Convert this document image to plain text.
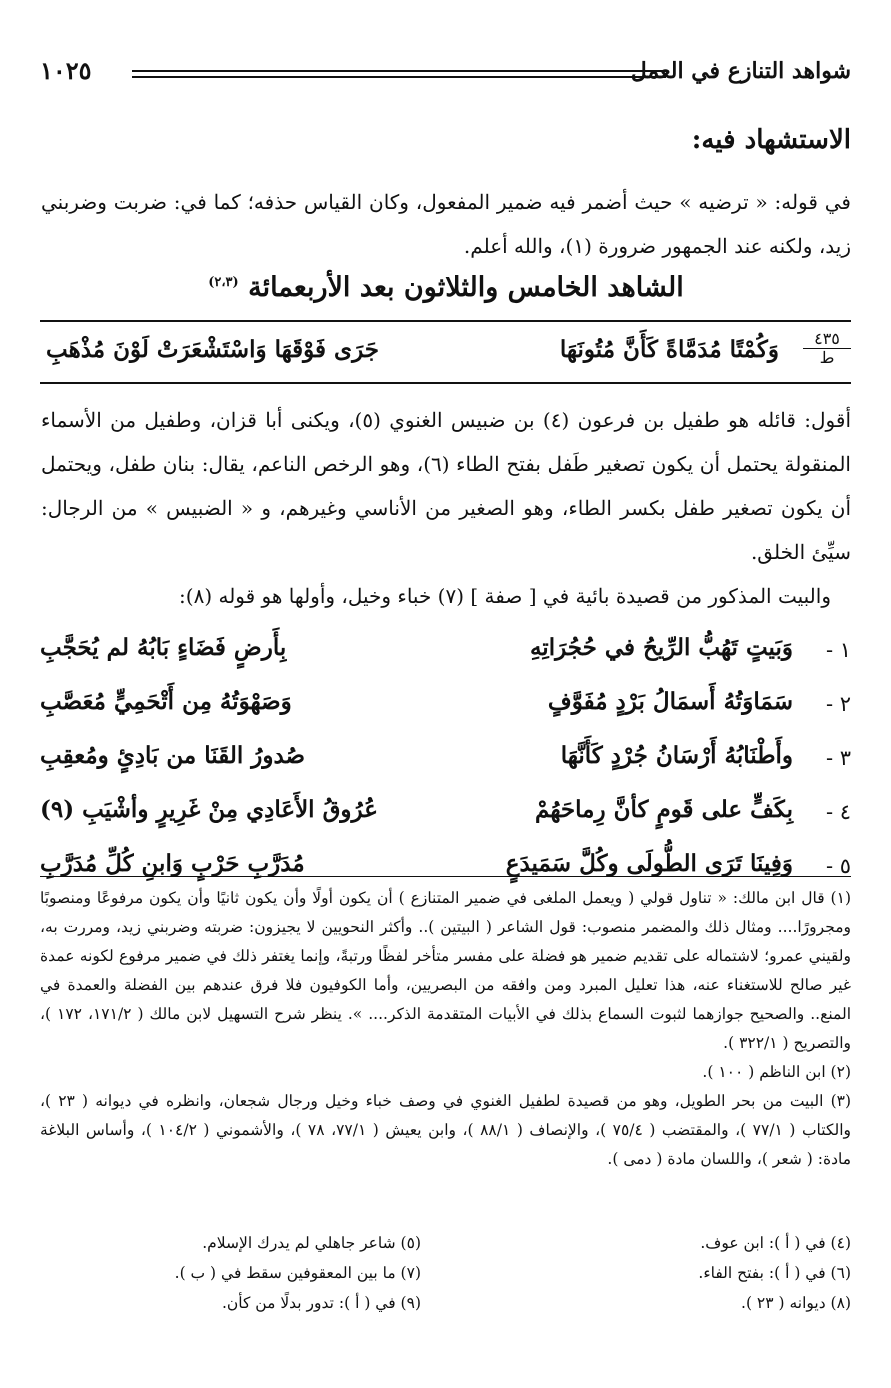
شواهد التنازع في العمل
١٠٢٥
الاستشهاد فيه:

في قوله: « ترضيه » حيث أضمر فيه ضمير المفعول، وكان القياس حذفه؛ كما في: ضربت وضربني زيد، ولكنه عند الجمهور ضرورة (١)، والله أعلم.

الشاهد الخامس والثلاثون بعد الأربعمائة $^{(٢،٣)}$
٤٣٥
ط
وَكُمْتًا مُدَمَّاةً كَأَنَّ مُتُونَهَا
جَرَى فَوْقَهَا وَاسْتَشْعَرَتْ لَوْنَ مُذْهَبِ

أقول: قائله هو طفيل بن فرعون (٤) بن ضبيس الغنوي (٥)، ويكنى أبا قزان، وطفيل من الأسماء المنقولة يحتمل أن يكون تصغير طَفل بفتح الطاء (٦)، وهو الرخص الناعم، يقال: بنان طفل، ويحتمل أن يكون تصغير طفل بكسر الطاء، وهو الصغير من الأناسي وغيرهم، و « الضبيس » من الرجال: سيِّئ الخلق.

والبيت المذكور من قصيدة بائية في [ صفة ] (٧) خباء وخيل، وأولها هو قوله (٨):

١ -
وَبَيتٍ تَهُبُّ الرِّيحُ في حُجُرَاتِهِ
بِأَرضٍ فَضَاءٍ بَابُهُ لم يُحَجَّبِ
٢ -
سَمَاوَتُهُ أَسمَالُ بَرْدٍ مُفَوَّفٍ
وَصَهْوَتُهُ مِن أَتْحَمِيٍّ مُعَصَّبِ
٣ -
وأَطْنَابُهُ أَرْسَانُ جُرْدٍ كَأَنَّهَا
صُدورُ القَنَا من بَادِئٍ ومُعقِبِ
٤ -
بِكَفٍّ على قَومٍ كأنَّ رِماحَهُمْ
عُرُوقُ الأَعَادِي مِنْ غَرِيرٍ وأشْيَبِ (٩)
٥ -
وَفِينَا تَرَى الطُّولَى وكُلَّ سَمَيدَعٍ
مُدَرَّبِ حَرْبٍ وَابنِ كُلِّ مُدَرَّبِ

(١) قال ابن مالك: « تناول قولي ( ويعمل الملغى في ضمير المتنازع ) أن يكون أولًا وأن يكون ثانيًا وأن يكون مرفوعًا ومنصوبًا ومجرورًا.... ومثال ذلك والمضمر منصوب: قول الشاعر ( البيتين ).. وأكثر النحويين لا يجيزون: ضربته وضربني زيد، ومررت به، ولقيني عمرو؛ لاشتماله على تقديم ضمير هو فضلة على مفسر متأخر لفظًا ورتبةً، وإنما يغتفر ذلك في ضمير مرفوع لكونه عمدة غير صالح للاستغناء عنه، هذا تعليل المبرد ومن وافقه من البصريين، وأما الكوفيون فلا فرق عندهم بين الفضلة والعمدة في المنع.. والصحيح جوازهما لثبوت السماع بذلك في الأبيات المتقدمة الذكر.... ». ينظر شرح التسهيل لابن مالك ( ١٧١/٢، ١٧٢ )، والتصريح ( ٣٢٢/١ ).

(٢) ابن الناظم ( ١٠٠ ).

(٣) البيت من بحر الطويل، وهو من قصيدة لطفيل الغنوي في وصف خباء وخيل ورجال شجعان، وانظره في ديوانه ( ٢٣ )، والكتاب ( ٧٧/١ )، والمقتضب ( ٧٥/٤ )، والإنصاف ( ٨٨/١ )، وابن يعيش ( ٧٧/١، ٧٨ )، والأشموني ( ١٠٤/٢ )، وأساس البلاغة مادة: ( شعر )، واللسان مادة ( دمى ).

(٤) في ( أ ): ابن عوف.
(٥) شاعر جاهلي لم يدرك الإسلام.
(٦) في ( أ ): بفتح الفاء.
(٧) ما بين المعقوفين سقط في ( ب ).
(٨) ديوانه ( ٢٣ ).
(٩) في ( أ ): تدور بدلًا من كأن.
